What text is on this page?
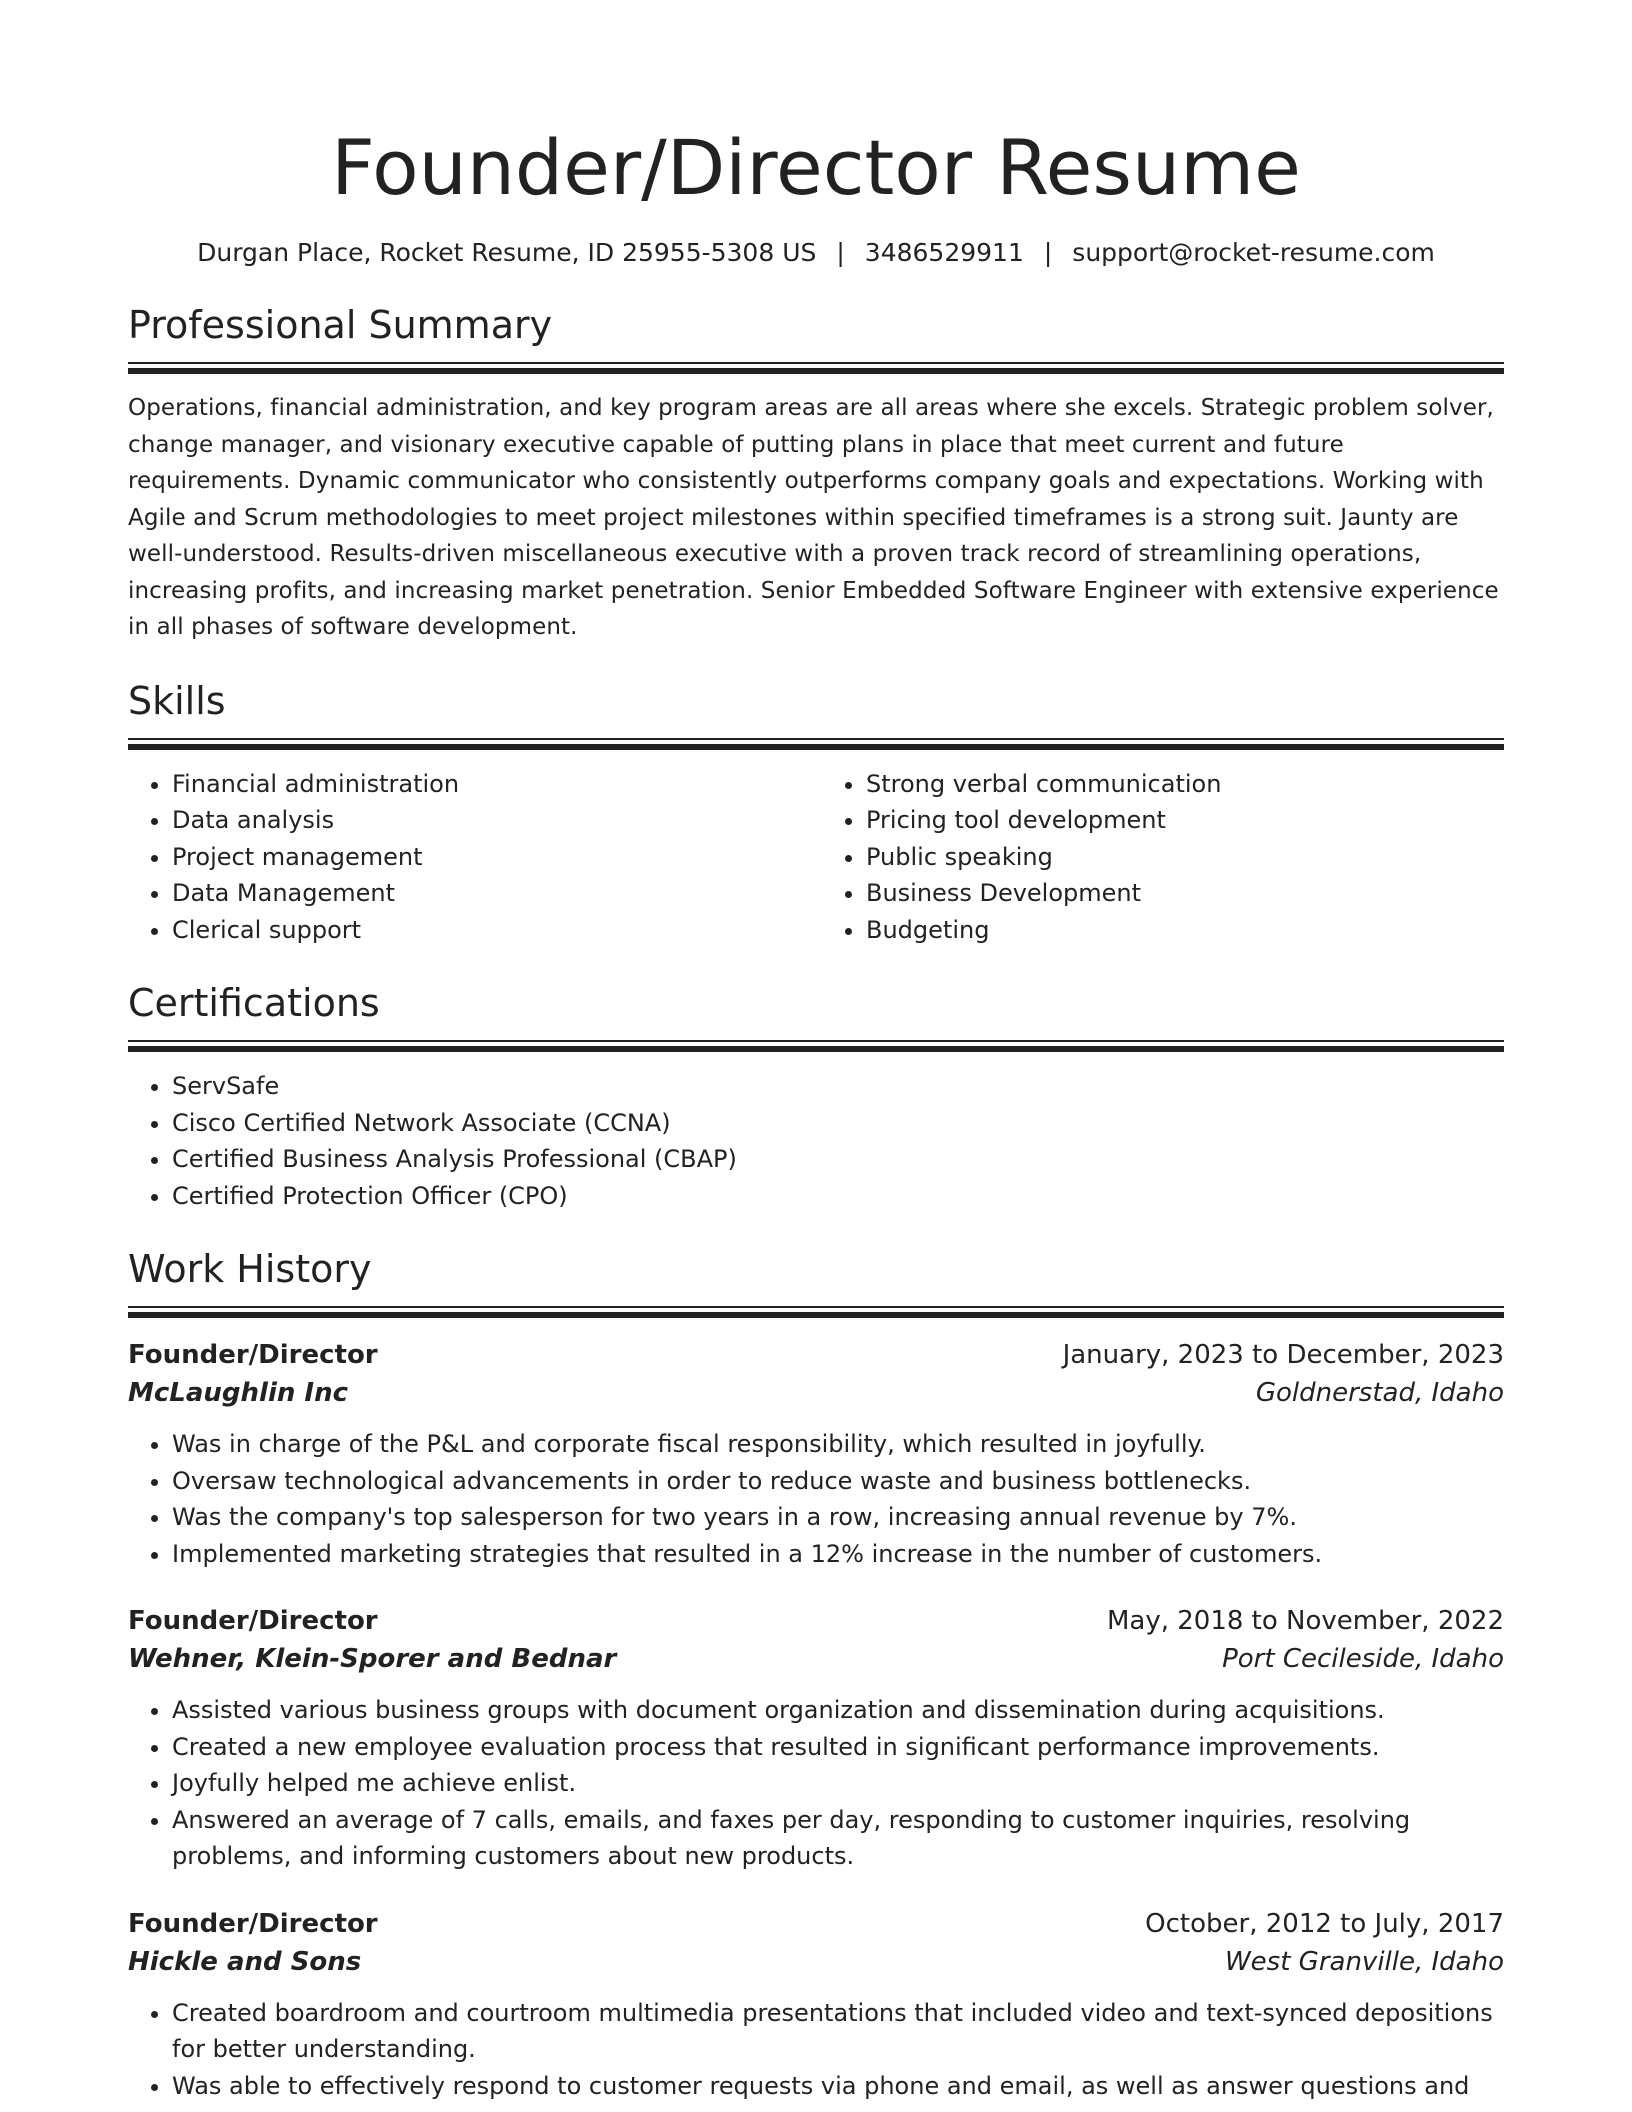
Founder/Director Resume
Durgan Place, Rocket Resume, ID 25955-5308 US | 3486529911 | support@rocket-resume.com
Professional Summary
Operations, financial administration, and key program areas are all areas where she excels. Strategic problem solver, change manager, and visionary executive capable of putting plans in place that meet current and future requirements. Dynamic communicator who consistently outperforms company goals and expectations. Working with Agile and Scrum methodologies to meet project milestones within specified timeframes is a strong suit. Jaunty are well-understood. Results-driven miscellaneous executive with a proven track record of streamlining operations, increasing profits, and increasing market penetration. Senior Embedded Software Engineer with extensive experience in all phases of software development.
Skills
• Financial administration
• Data analysis
• Project management
• Data Management
• Clerical support
• Strong verbal communication
• Pricing tool development
• Public speaking
• Business Development
• Budgeting
Certifications
• ServSafe
• Cisco Certified Network Associate (CCNA)
• Certified Business Analysis Professional (CBAP)
• Certified Protection Officer (CPO)
Work History
Founder/Director	January, 2023 to December, 2023
McLaughlin Inc	Goldnerstad, Idaho
• Was in charge of the P&L and corporate fiscal responsibility, which resulted in joyfully.
• Oversaw technological advancements in order to reduce waste and business bottlenecks.
• Was the company's top salesperson for two years in a row, increasing annual revenue by 7%.
• Implemented marketing strategies that resulted in a 12% increase in the number of customers.
Founder/Director	May, 2018 to November, 2022
Wehner, Klein-Sporer and Bednar	Port Cecileside, Idaho
• Assisted various business groups with document organization and dissemination during acquisitions.
• Created a new employee evaluation process that resulted in significant performance improvements.
• Joyfully helped me achieve enlist.
• Answered an average of 7 calls, emails, and faxes per day, responding to customer inquiries, resolving problems, and informing customers about new products.
Founder/Director	October, 2012 to July, 2017
Hickle and Sons	West Granville, Idaho
• Created boardroom and courtroom multimedia presentations that included video and text-synced depositions for better understanding.
• Was able to effectively respond to customer requests via phone and email, as well as answer questions and
